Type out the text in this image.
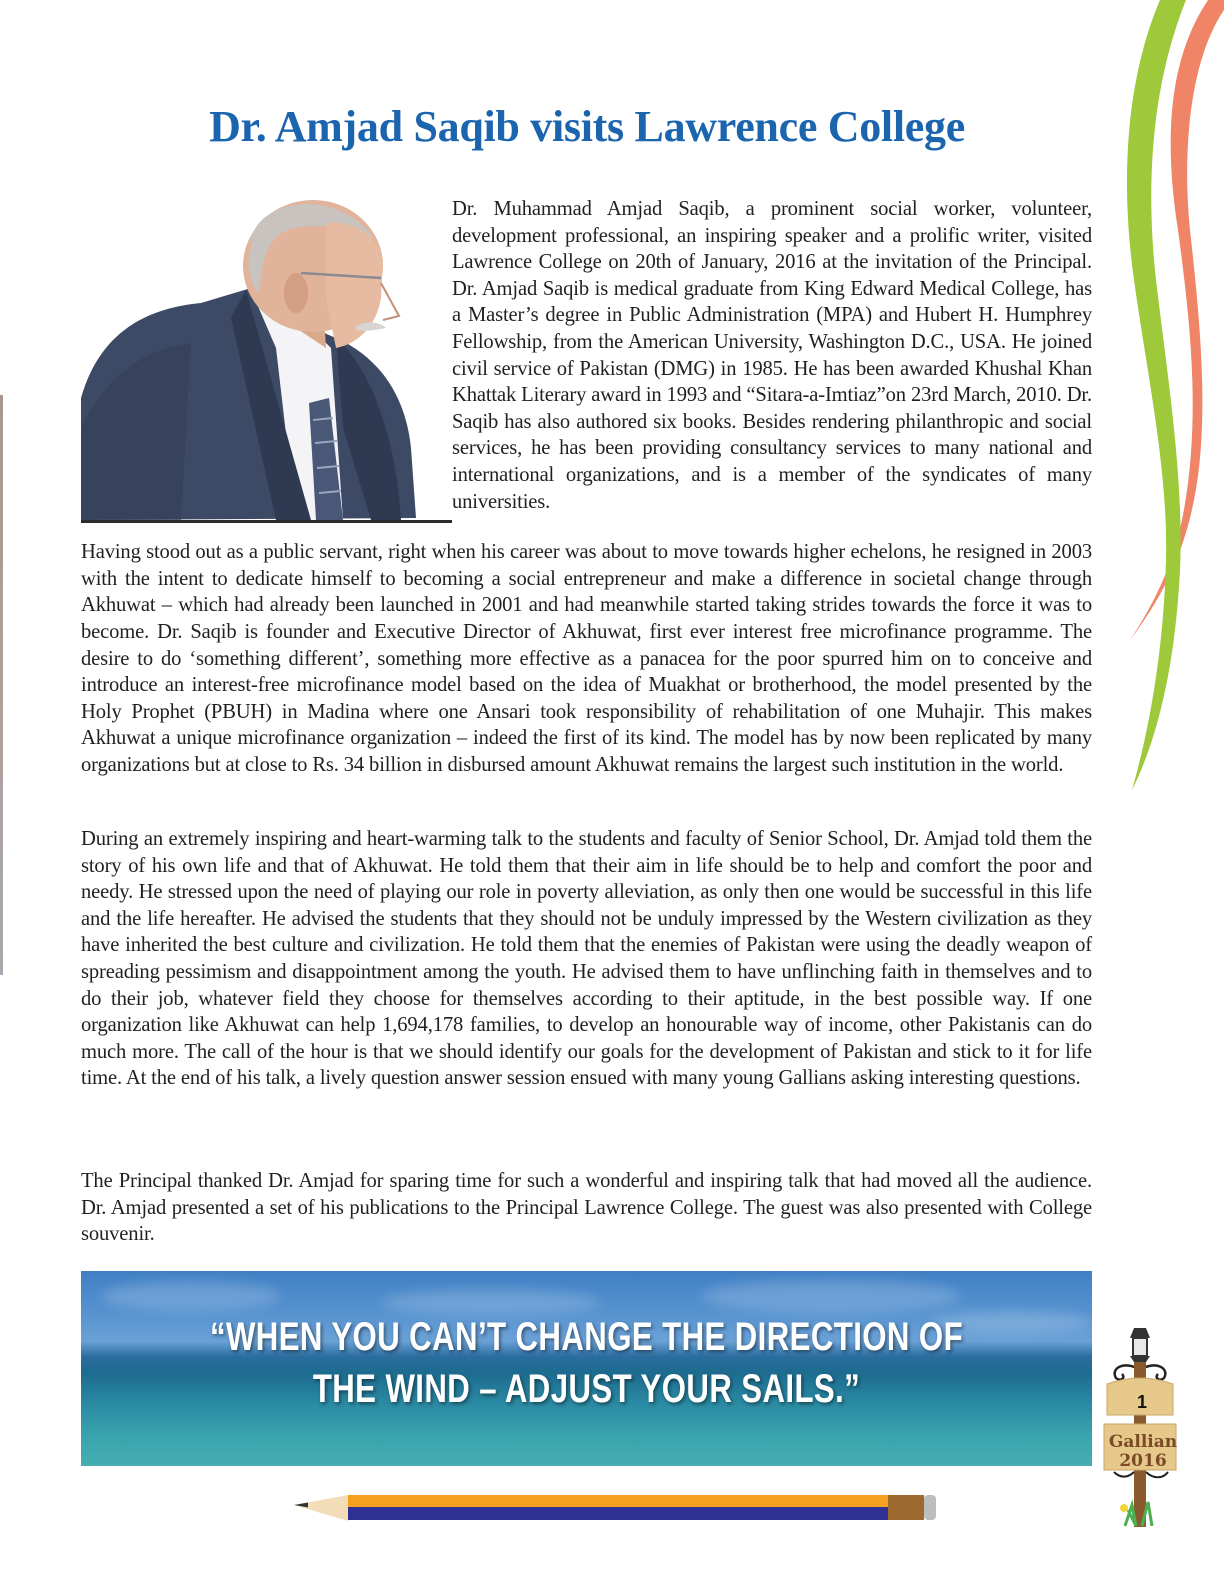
Dr. Amjad Saqib visits Lawrence College

Dr. Muhammad Amjad Saqib, a prominent social worker, volunteer, development professional, an inspiring speaker and a prolific writer, visited Lawrence College on 20th of January, 2016 at the invitation of the Principal. Dr. Amjad Saqib is medical graduate from King Edward Medical College, has a Master’s degree in Public Administration (MPA) and Hubert H. Humphrey Fellowship, from the American University, Washington D.C., USA. He joined civil service of Pakistan (DMG) in 1985. He has been awarded Khushal Khan Khattak Literary award in 1993 and “Sitara-a-Imtiaz”on 23rd March, 2010. Dr. Saqib has also authored six books. Besides rendering philanthropic and social services, he has been providing consultancy services to many national and international organizations, and is a member of the syndicates of many universities.

Having stood out as a public servant, right when his career was about to move towards higher echelons, he resigned in 2003 with the intent to dedicate himself to becoming a social entrepreneur and make a difference in societal change through Akhuwat – which had already been launched in 2001 and had meanwhile started taking strides towards the force it was to become. Dr. Saqib is founder and Executive Director of Akhuwat, first ever interest free microfinance programme. The desire to do ‘something different’, something more effective as a panacea for the poor spurred him on to conceive and introduce an interest-free microfinance model based on the idea of Muakhat or brotherhood, the model presented by the Holy Prophet (PBUH) in Madina where one Ansari took responsibility of rehabilitation of one Muhajir. This makes Akhuwat a unique microfinance organization – indeed the first of its kind. The model has by now been replicated by many organizations but at close to Rs. 34 billion in disbursed amount Akhuwat remains the largest such institution in the world.

During an extremely inspiring and heart-warming talk to the students and faculty of Senior School, Dr. Amjad told them the story of his own life and that of Akhuwat. He told them that their aim in life should be to help and comfort the poor and needy. He stressed upon the need of playing our role in poverty alleviation, as only then one would be successful in this life and the life hereafter. He advised the students that they should not be unduly impressed by the Western civilization as they have inherited the best culture and civilization. He told them that the enemies of Pakistan were using the deadly weapon of spreading pessimism and disappointment among the youth. He advised them to have unflinching faith in themselves and to do their job, whatever field they choose for themselves according to their aptitude, in the best possible way. If one organization like Akhuwat can help 1,694,178 families, to develop an honourable way of income, other Pakistanis can do much more. The call of the hour is that we should identify our goals for the development of Pakistan and stick to it for life time. At the end of his talk, a lively question answer session ensued with many young Gallians asking interesting questions.

The Principal thanked Dr. Amjad for sparing time for such a wonderful and inspiring talk that had moved all the audience. Dr. Amjad presented a set of his publications to the Principal Lawrence College. The guest was also presented with College souvenir.

“WHEN YOU CAN’T CHANGE THE DIRECTION OF
THE WIND – ADJUST YOUR SAILS.”	1
Gallian
2016
